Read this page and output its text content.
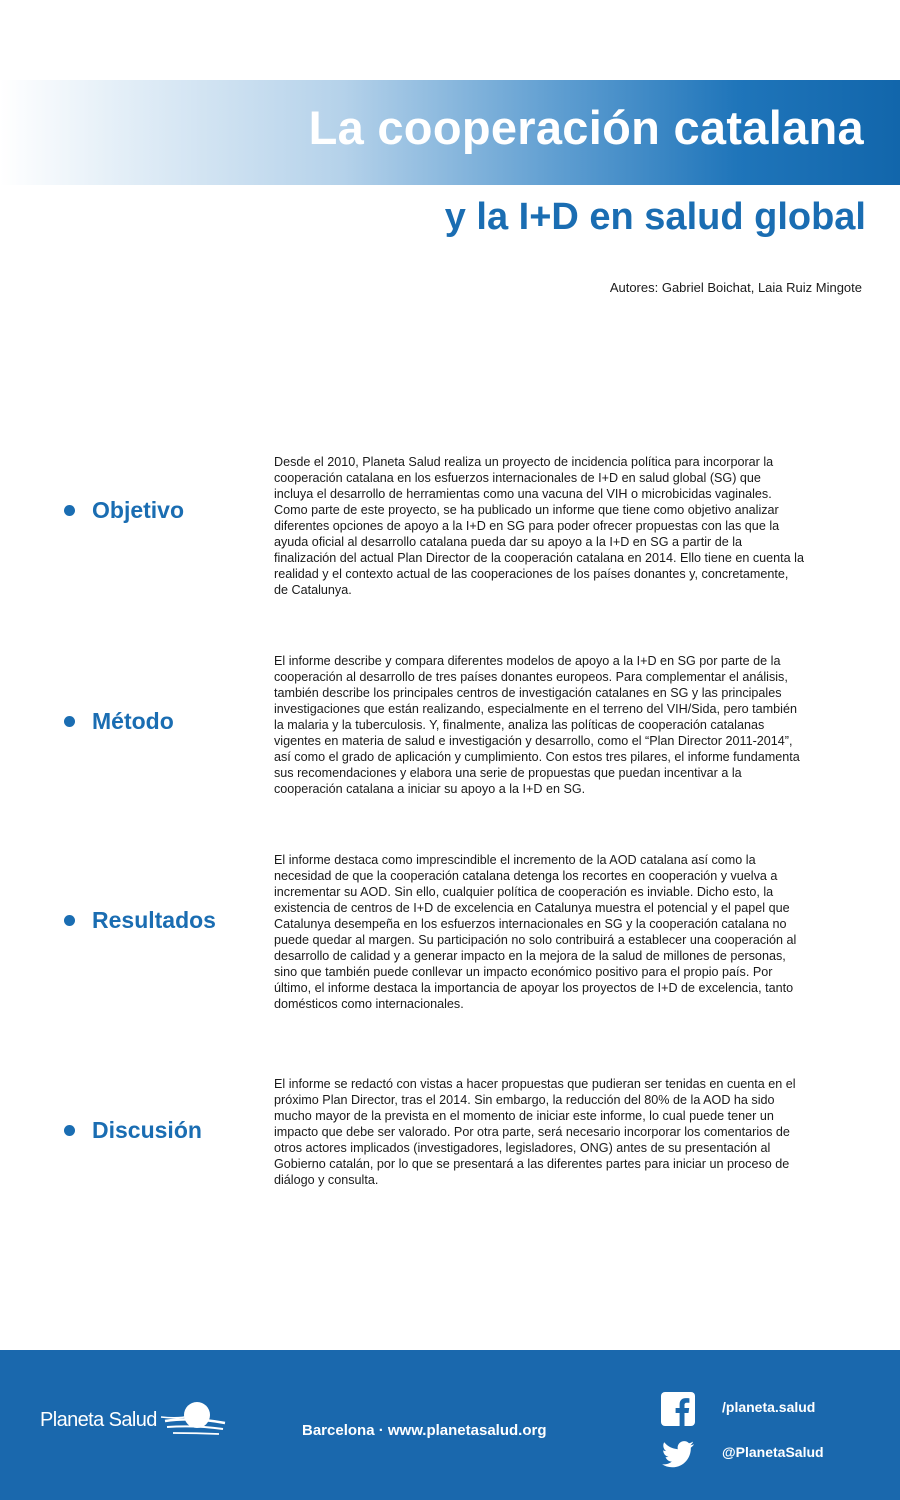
La cooperación catalana
y la I+D en salud global
Autores: Gabriel Boichat, Laia Ruiz Mingote
Objetivo
Desde el 2010, Planeta Salud realiza un proyecto de incidencia política para incorporar la
cooperación catalana en los esfuerzos internacionales de I+D en salud global (SG) que
incluya el desarrollo de herramientas como una vacuna del VIH o microbicidas vaginales.
Como parte de este proyecto, se ha publicado un informe que tiene como objetivo analizar
diferentes opciones de apoyo a la I+D en SG para poder ofrecer propuestas con las que la
ayuda oficial al desarrollo catalana pueda dar su apoyo a la I+D en SG a partir de la
finalización del actual Plan Director de la cooperación catalana en 2014. Ello tiene en cuenta la
realidad y el contexto actual de las cooperaciones de los países donantes y, concretamente,
de Catalunya.
Método
El informe describe y compara diferentes modelos de apoyo a la I+D en SG por parte de la
cooperación al desarrollo de tres países donantes europeos. Para complementar el análisis,
también describe los principales centros de investigación catalanes en SG y las principales
investigaciones que están realizando, especialmente en el terreno del VIH/Sida, pero también
la malaria y la tuberculosis. Y, finalmente, analiza las políticas de cooperación catalanas
vigentes en materia de salud e investigación y desarrollo, como el “Plan Director 2011-2014”,
así como el grado de aplicación y cumplimiento. Con estos tres pilares, el informe fundamenta
sus recomendaciones y elabora una serie de propuestas que puedan incentivar a la
cooperación catalana a iniciar su apoyo a la I+D en SG.
Resultados
El informe destaca como imprescindible el incremento de la AOD catalana así como la
necesidad de que la cooperación catalana detenga los recortes en cooperación y vuelva a
incrementar su AOD. Sin ello, cualquier política de cooperación es inviable. Dicho esto, la
existencia de centros de I+D de excelencia en Catalunya muestra el potencial y el papel que
Catalunya desempeña en los esfuerzos internacionales en SG y la cooperación catalana no
puede quedar al margen. Su participación no solo contribuirá a establecer una cooperación al
desarrollo de calidad y a generar impacto en la mejora de la salud de millones de personas,
sino que también puede conllevar un impacto económico positivo para el propio país. Por
último, el informe destaca la importancia de apoyar los proyectos de I+D de excelencia, tanto
domésticos como internacionales.
Discusión
El informe se redactó con vistas a hacer propuestas que pudieran ser tenidas en cuenta en el
próximo Plan Director, tras el 2014. Sin embargo, la reducción del 80% de la AOD ha sido
mucho mayor de la prevista en el momento de iniciar este informe, lo cual puede tener un
impacto que debe ser valorado. Por otra parte, será necesario incorporar los comentarios de
otros actores implicados (investigadores, legisladores, ONG) antes de su presentación al
Gobierno catalán, por lo que se presentará a las diferentes partes para iniciar un proceso de
diálogo y consulta.
Planeta Salud	Barcelona · www.planetasalud.org
/planeta.salud
@PlanetaSalud
